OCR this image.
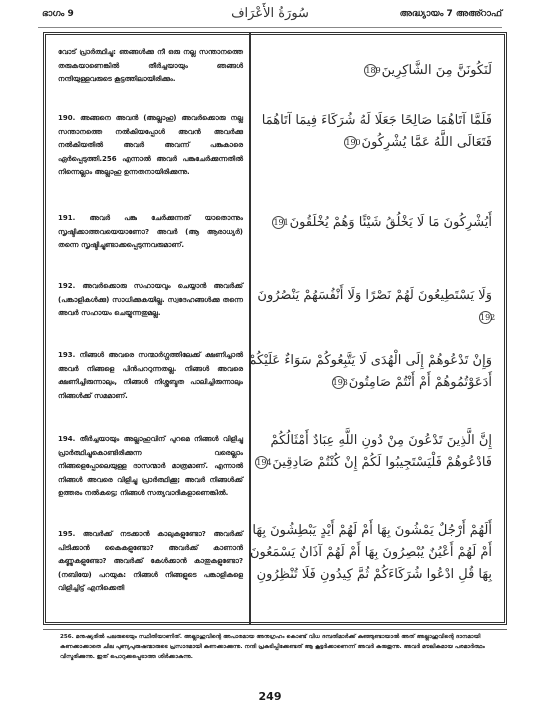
ഭാഗം 9	سُورَةُ الأَعْرَاف	അദ്ധ്യായം 7 അഅ്റാഫ്
വോട് പ്രാർത്ഥിച്ചു: ഞങ്ങൾക്കു നീ ഒരു നല്ല സന്താനത്തെ തരുകയാണെങ്കിൽ തീർച്ചയായും ഞങ്ങൾ നന്ദിയുള്ളവരുടെ കൂട്ടത്തിലായിരിക്കും.
190. അങ്ങനെ അവൻ (അല്ലാഹു) അവർക്കൊരു നല്ല സന്താനത്തെ നൽകിയപ്പോൾ അവൻ അവർക്കു നൽകിയതിൽ അവർ അവന്ന് പങ്കുകാരെ ഏർപ്പെടുത്തി.256 എന്നാൽ അവർ പങ്കുചേർക്കുന്നതിൽ നിന്നെല്ലാം അല്ലാഹു ഉന്നതനായിരിക്കുന്നു.
191. അവർ പങ്കു ചേർക്കുന്നത് യാതൊന്നും സൃഷ്ടിക്കാത്തവയെയാണോ? അവർ (ആ ആരാധ്യർ) തന്നെ സൃഷ്ടിച്ചുണ്ടാക്കപ്പെടുന്നവരുമാണ്.
192. അവർക്കൊരു സഹായവും ചെയ്യാൻ അവർക്ക് (പങ്കാളികൾക്കു) സാധിക്കുകയില്ല. സ്വദേഹങ്ങൾക്കു തന്നെ അവർ സഹായം ചെയ്യുന്നതുമല്ല.
193. നിങ്ങൾ അവരെ സന്മാർഗ്ഗത്തിലേക്ക് ക്ഷണിച്ചാൽ അവർ നിങ്ങളെ പിൻപററുന്നതല്ല. നിങ്ങൾ അവരെ ക്ഷണിച്ചിരുന്നാലും, നിങ്ങൾ നിശ്ശബ്ദത പാലിച്ചിരുന്നാലും നിങ്ങൾക്ക് സമമാണ്.
194. തീർച്ചയായും അല്ലാഹുവിന് പുറമെ നിങ്ങൾ വിളിച്ചു പ്രാർത്ഥിച്ചുകൊണ്ടിരിക്കുന്ന വരെല്ലാം നിങ്ങളെപ്പോലെയുള്ള ദാസന്മാർ മാത്രമാണ്. എന്നാൽ നിങ്ങൾ അവരെ വിളിച്ചു പ്രാർത്ഥിക്കൂ; അവർ നിങ്ങൾക്ക് ഉത്തരം നൽകട്ടെ; നിങ്ങൾ സത്യവാദികളാണെങ്കിൽ.
195. അവർക്ക് നടക്കാൻ കാലുകളുണ്ടോ? അവർക്ക് പിടിക്കാൻ കൈകളുണ്ടോ? അവർക്ക് കാണാൻ കണ്ണുകളുണ്ടോ? അവർക്ക് കേൾക്കാൻ കാതുകളുണ്ടോ? (നബിയേ) പറയുക: നിങ്ങൾ നിങ്ങളുടെ പങ്കാളികളെ വിളിച്ചിട്ട് എനിക്കെതി
لَنَكُونَنَّ مِنَ الشَّاكِرِينَ 189
فَلَمَّا آتَاهُمَا صَالِحًا جَعَلَا لَهُ شُرَكَاءَ فِيمَا آتَاهُمَا فَتَعَالَى اللَّهُ عَمَّا يُشْرِكُونَ 190
أَيُشْرِكُونَ مَا لَا يَخْلُقُ شَيْئًا وَهُمْ يُخْلَقُونَ 191
وَلَا يَسْتَطِيعُونَ لَهُمْ نَصْرًا وَلَا أَنْفُسَهُمْ يَنْصُرُونَ 192
وَإِنْ تَدْعُوهُمْ إِلَى الْهُدَى لَا يَتَّبِعُوكُمْ سَوَاءٌ عَلَيْكُمْ أَدَعَوْتُمُوهُمْ أَمْ أَنْتُمْ صَامِتُونَ 193
إِنَّ الَّذِينَ تَدْعُونَ مِنْ دُونِ اللَّهِ عِبَادٌ أَمْثَالُكُمْ فَادْعُوهُمْ فَلْيَسْتَجِيبُوا لَكُمْ إِنْ كُنْتُمْ صَادِقِينَ 194
أَلَهُمْ أَرْجُلٌ يَمْشُونَ بِهَا أَمْ لَهُمْ أَيْدٍ يَبْطِشُونَ بِهَا أَمْ لَهُمْ أَعْيُنٌ يُبْصِرُونَ بِهَا أَمْ لَهُمْ آذَانٌ يَسْمَعُونَ بِهَا قُلِ ادْعُوا شُرَكَاءَكُمْ ثُمَّ كِيدُونِ فَلَا تُنْظِرُونِ
256. മനുഷ്യരിൽ പലരുടെയും സ്ഥിതിയാണിത്. അല്ലാഹുവിന്റെ അപാരമായ അനുഗ്രഹം കൊണ്ട് വിധ ദമ്പതിമാർക്ക് കുഞ്ഞുണ്ടായാൽ അത് അല്ലാഹുവിന്റെ ദാനമായി കണക്കാക്കാതെ ചില പുണ്യപുരുഷന്മാരുടെ പ്രസാദമായി കണക്കാക്കുന്നു. നന്ദി പ്രകടിപ്പിക്കേണ്ടത് ആ കൂട്ടർക്കാണെന്ന് അവർ കരുതുന്നു. അവർ മൗലികമായ പരമാർത്ഥം വിസ്മരിക്കുന്നു. ഇത് പൊറുക്കപ്പെടാത്ത ശിർക്കാകുന്നു.
249
